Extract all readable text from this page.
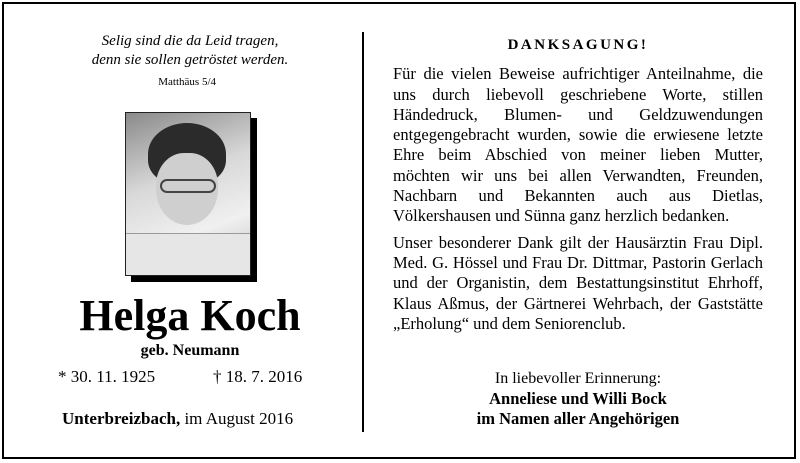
Selig sind die da Leid tragen,
denn sie sollen getröstet werden.
Matthäus 5/4
Helga Koch
geb. Neumann
* 30. 11. 1925	† 18. 7. 2016
Unterbreizbach, im August 2016
DANKSAGUNG!

Für die vielen Beweise aufrichtiger Anteilnahme, die uns durch liebevoll geschriebene Worte, stillen Händedruck, Blumen- und Geldzuwendungen entgegengebracht wurden, sowie die erwiesene letzte Ehre beim Abschied von meiner lieben Mutter, möchten wir uns bei allen Verwandten, Freunden, Nachbarn und Bekannten auch aus Dietlas, Völkershausen und Sünna ganz herzlich bedanken.

Unser besonderer Dank gilt der Hausärztin Frau Dipl. Med. G. Hössel und Frau Dr. Dittmar, Pastorin Gerlach und der Organistin, dem Bestattungsinstitut Ehrhoff, Klaus Aßmus, der Gärtnerei Wehrbach, der Gaststätte „Erholung“ und dem Seniorenclub.

In liebevoller Erinnerung:
Anneliese und Willi Bock
im Namen aller Angehörigen
